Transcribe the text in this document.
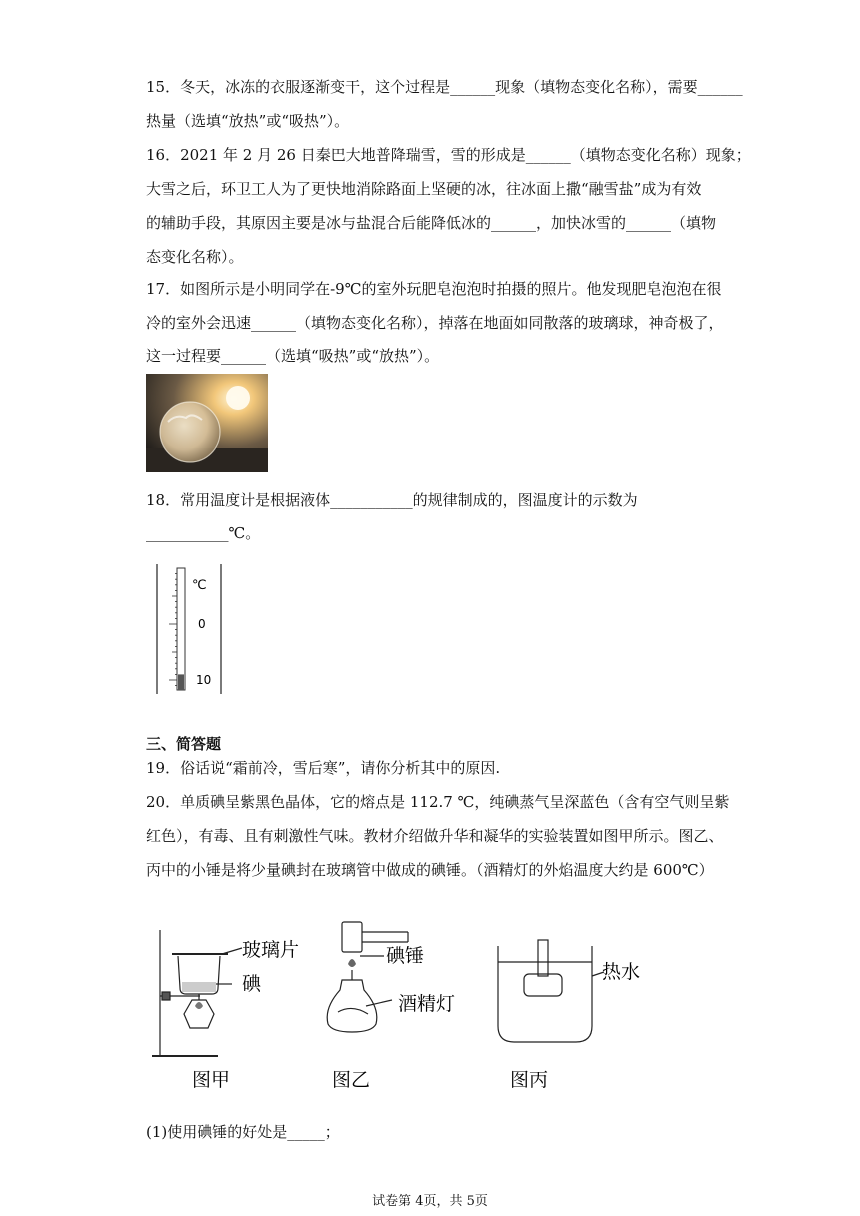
15．冬天，冰冻的衣服逐渐变干，这个过程是______现象（填物态变化名称），需要______
热量（选填“放热”或“吸热”）。
16．2021 年 2 月 26 日秦巴大地普降瑞雪，雪的形成是______（填物态变化名称）现象；
大雪之后，环卫工人为了更快地消除路面上坚硬的冰，往冰面上撒“融雪盐”成为有效
的辅助手段，其原因主要是冰与盐混合后能降低冰的______，加快冰雪的______（填物
态变化名称）。
17．如图所示是小明同学在-9℃的室外玩肥皂泡泡时拍摄的照片。他发现肥皂泡泡在很
冷的室外会迅速______（填物态变化名称），掉落在地面如同散落的玻璃球，神奇极了，
这一过程要______（选填“吸热”或“放热”）。
18．常用温度计是根据液体___________的规律制成的，图温度计的示数为
___________℃。
℃
0
10
三、简答题
19．俗话说“霜前冷，雪后寒”，请你分析其中的原因.
20．单质碘呈紫黑色晶体，它的熔点是 112.7 ℃，纯碘蒸气呈深蓝色（含有空气则呈紫
红色），有毒、且有刺激性气味。教材介绍做升华和凝华的实验装置如图甲所示。图乙、
丙中的小锤是将少量碘封在玻璃管中做成的碘锤。（酒精灯的外焰温度大约是 600℃）
玻璃片
碘
碘锤
酒精灯
热水
图甲	图乙	图丙
(1)使用碘锤的好处是_____；
试卷第 4页，共 5页
